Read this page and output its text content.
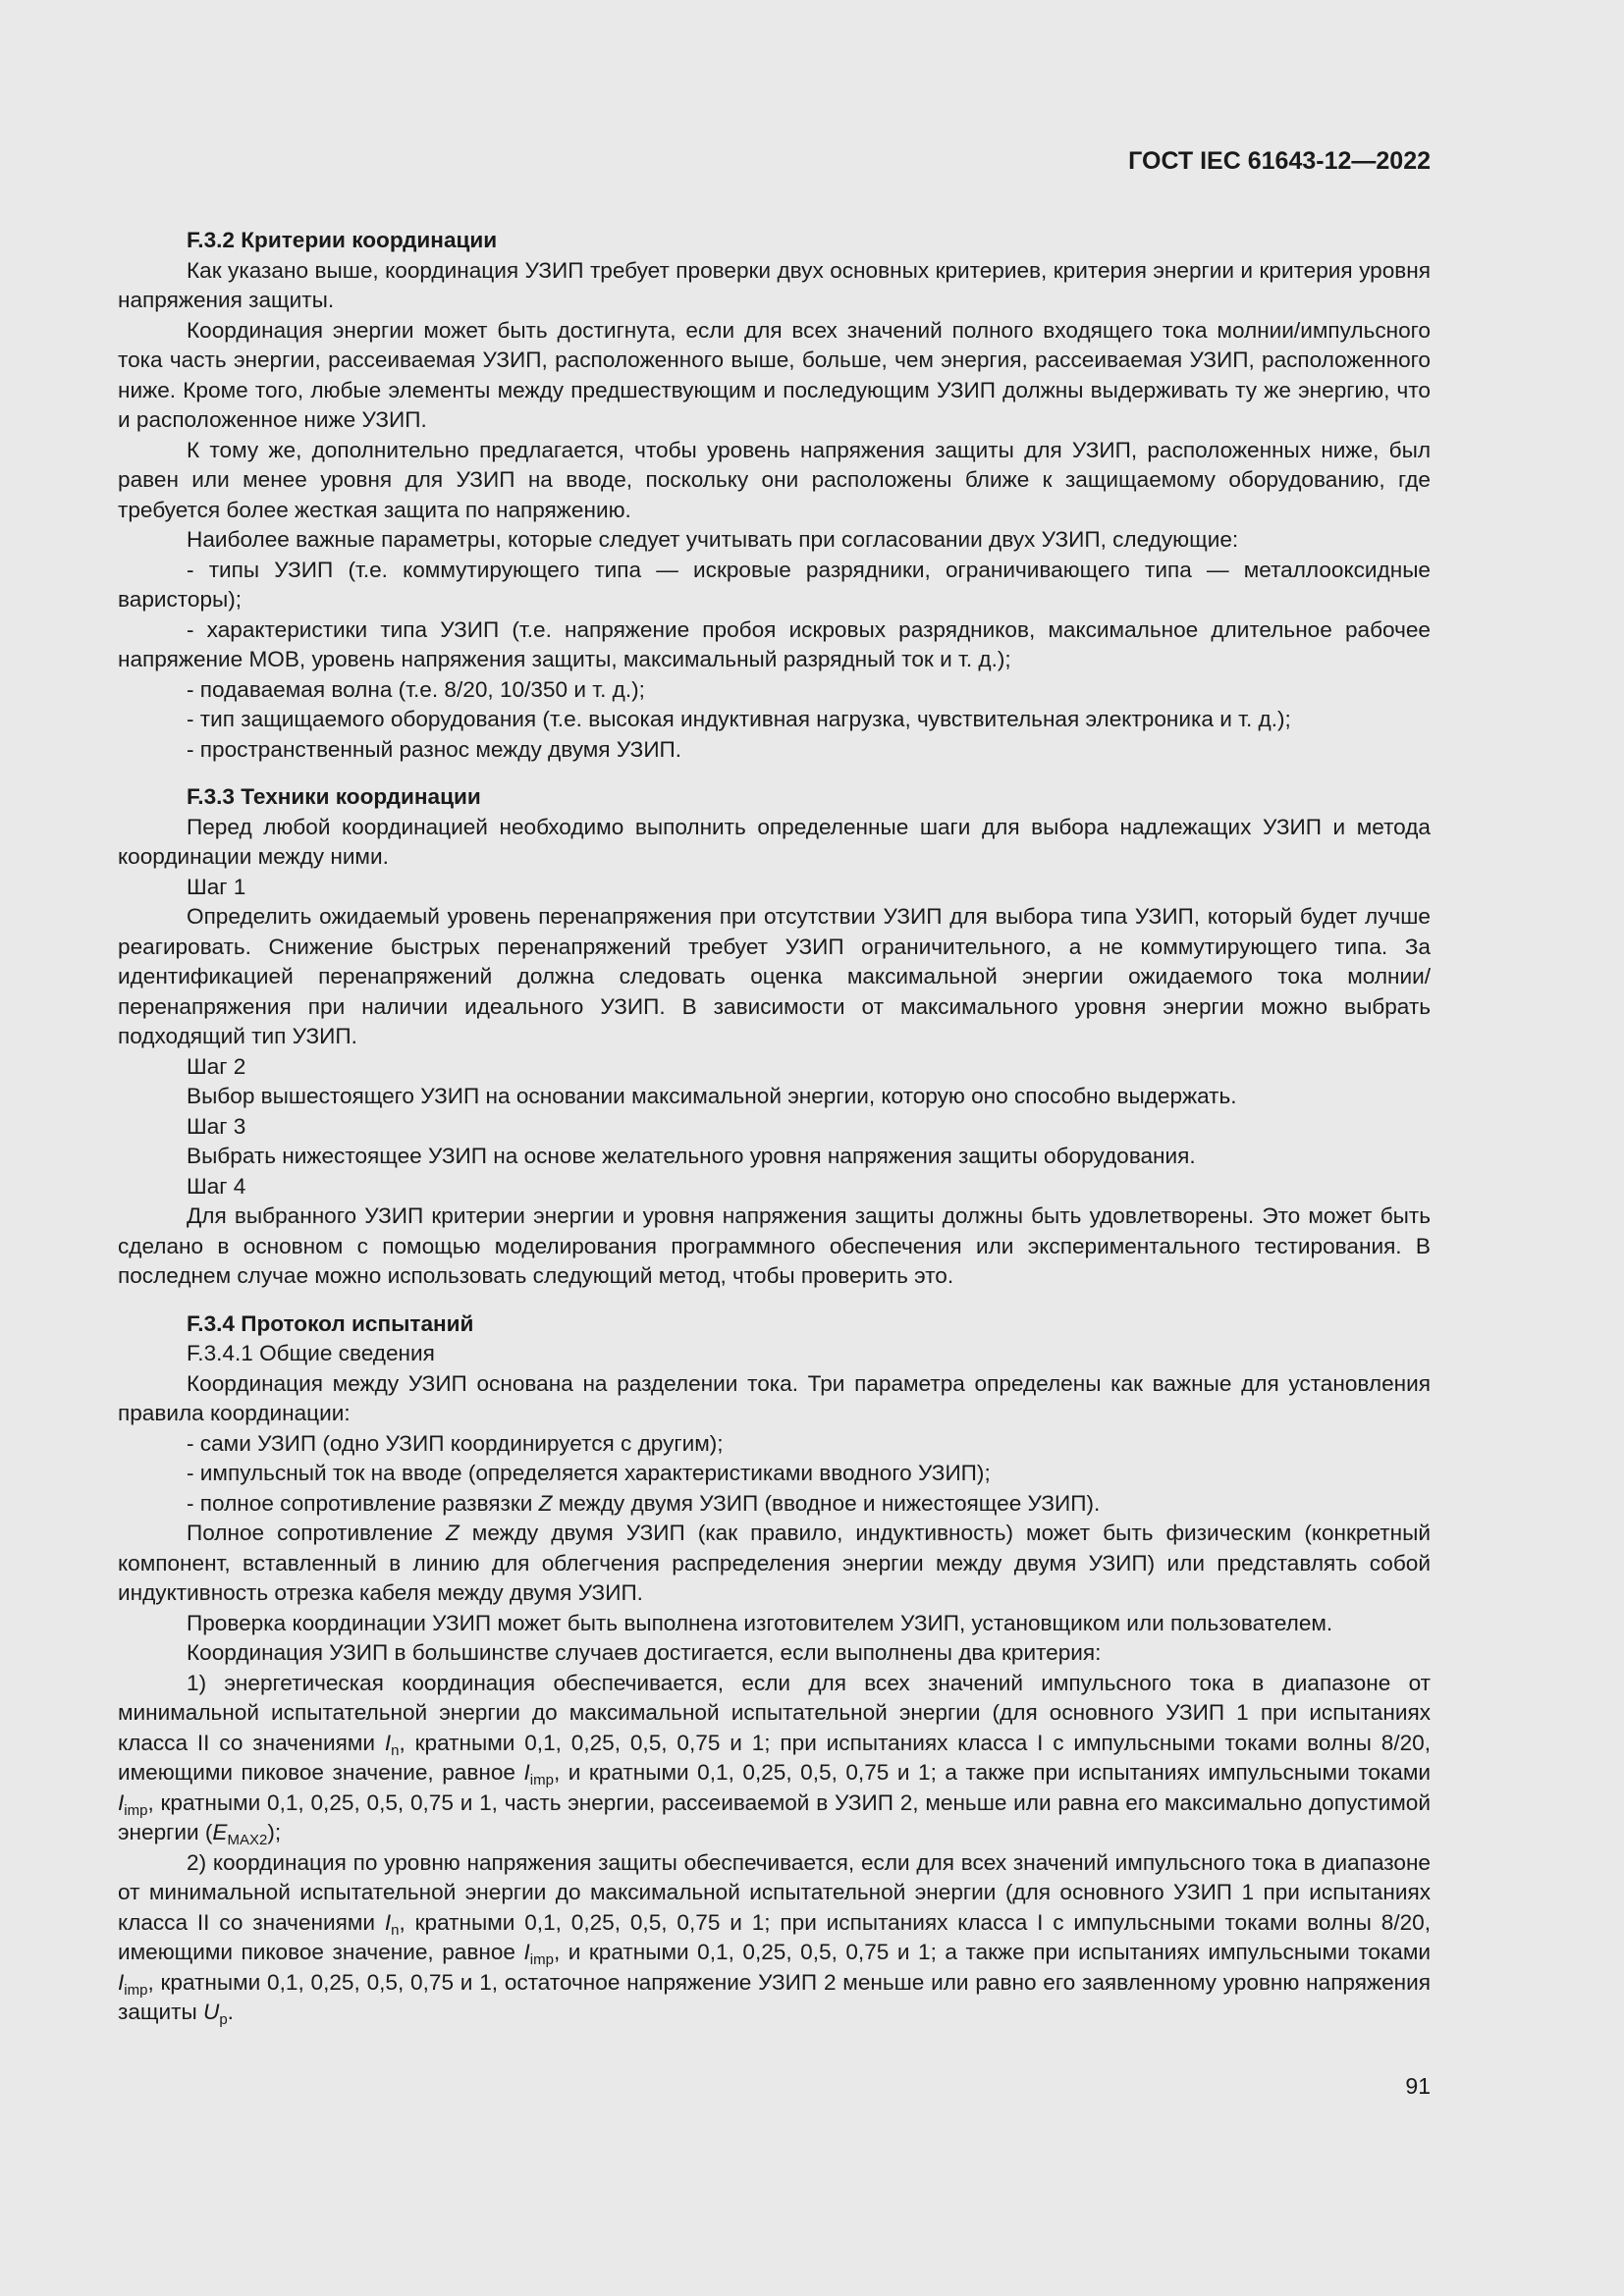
ГОСТ IEC 61643-12—2022

F.3.2 Критерии координации

Как указано выше, координация УЗИП требует проверки двух основных критериев, критерия энергии и критерия уровня напряжения защиты.

Координация энергии может быть достигнута, если для всех значений полного входящего тока молнии/импульсного тока часть энергии, рассеиваемая УЗИП, расположенного выше, больше, чем энергия, рассеиваемая УЗИП, расположенного ниже. Кроме того, любые элементы между предшествующим и последующим УЗИП должны выдерживать ту же энергию, что и расположенное ниже УЗИП.

К тому же, дополнительно предлагается, чтобы уровень напряжения защиты для УЗИП, расположенных ниже, был равен или менее уровня для УЗИП на вводе, поскольку они расположены ближе к защищаемому оборудованию, где требуется более жесткая защита по напряжению.

Наиболее важные параметры, которые следует учитывать при согласовании двух УЗИП, следующие:

- типы УЗИП (т.е. коммутирующего типа — искровые разрядники, ограничивающего типа — металлооксидные варисторы);

- характеристики типа УЗИП (т.е. напряжение пробоя искровых разрядников, максимальное длительное рабочее напряжение MOB, уровень напряжения защиты, максимальный разрядный ток и т. д.);

- подаваемая волна (т.е. 8/20, 10/350 и т. д.);

- тип защищаемого оборудования (т.е. высокая индуктивная нагрузка, чувствительная электроника и т. д.);

- пространственный разнос между двумя УЗИП.

F.3.3 Техники координации

Перед любой координацией необходимо выполнить определенные шаги для выбора надлежащих УЗИП и метода координации между ними.

Шаг 1

Определить ожидаемый уровень перенапряжения при отсутствии УЗИП для выбора типа УЗИП, который будет лучше реагировать. Снижение быстрых перенапряжений требует УЗИП ограничительного, а не коммутирующего типа. За идентификацией перенапряжений должна следовать оценка максимальной энергии ожидаемого тока молнии/перенапряжения при наличии идеального УЗИП. В зависимости от максимального уровня энергии можно выбрать подходящий тип УЗИП.

Шаг 2

Выбор вышестоящего УЗИП на основании максимальной энергии, которую оно способно выдержать.

Шаг 3

Выбрать нижестоящее УЗИП на основе желательного уровня напряжения защиты оборудования.

Шаг 4

Для выбранного УЗИП критерии энергии и уровня напряжения защиты должны быть удовлетворены. Это может быть сделано в основном с помощью моделирования программного обеспечения или экспериментального тестирования. В последнем случае можно использовать следующий метод, чтобы проверить это.

F.3.4 Протокол испытаний

F.3.4.1 Общие сведения

Координация между УЗИП основана на разделении тока. Три параметра определены как важные для установления правила координации:

- сами УЗИП (одно УЗИП координируется с другим);

- импульсный ток на вводе (определяется характеристиками вводного УЗИП);

- полное сопротивление развязки Z между двумя УЗИП (вводное и нижестоящее УЗИП).

Полное сопротивление Z между двумя УЗИП (как правило, индуктивность) может быть физическим (конкретный компонент, вставленный в линию для облегчения распределения энергии между двумя УЗИП) или представлять собой индуктивность отрезка кабеля между двумя УЗИП.

Проверка координации УЗИП может быть выполнена изготовителем УЗИП, установщиком или пользователем.

Координация УЗИП в большинстве случаев достигается, если выполнены два критерия:

1) энергетическая координация обеспечивается, если для всех значений импульсного тока в диапазоне от минимальной испытательной энергии до максимальной испытательной энергии (для основного УЗИП 1 при испытаниях класса II со значениями $I_n$, кратными 0,1, 0,25, 0,5, 0,75 и 1; при испытаниях класса I с импульсными токами волны 8/20, имеющими пиковое значение, равное $I_{imp}$, и кратными 0,1, 0,25, 0,5, 0,75 и 1; а также при испытаниях импульсными токами $I_{imp}$, кратными 0,1, 0,25, 0,5, 0,75 и 1, часть энергии, рассеиваемой в УЗИП 2, меньше или равна его максимально допустимой энергии $(E_{MAX2})$;

2) координация по уровню напряжения защиты обеспечивается, если для всех значений импульсного тока в диапазоне от минимальной испытательной энергии до максимальной испытательной энергии (для основного УЗИП 1 при испытаниях класса II со значениями $I_n$, кратными 0,1, 0,25, 0,5, 0,75 и 1; при испытаниях класса I с импульсными токами волны 8/20, имеющими пиковое значение, равное $I_{imp}$, и кратными 0,1, 0,25, 0,5, 0,75 и 1; а также при испытаниях импульсными токами $I_{imp}$, кратными 0,1, 0,25, 0,5, 0,75 и 1, остаточное напряжение УЗИП 2 меньше или равно его заявленному уровню напряжения защиты $U_p$.

91
